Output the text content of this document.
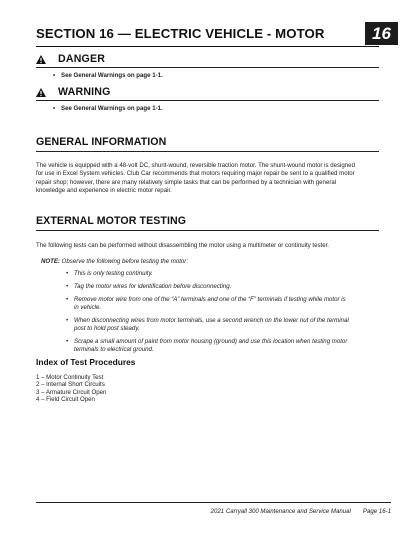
SECTION 16 — ELECTRIC VEHICLE - MOTOR	16
DANGER
• See General Warnings on page 1-1.
WARNING
• See General Warnings on page 1-1.
GENERAL INFORMATION
The vehicle is equipped with a 48-volt DC, shunt-wound, reversible traction motor. The shunt-wound motor is designed
for use in Excel System vehicles. Club Car recommends that motors requiring major repair be sent to a qualified motor
repair shop; however, there are many relatively simple tasks that can be performed by a technician with general
knowledge and experience in electric motor repair.
EXTERNAL MOTOR TESTING
The following tests can be performed without disassembling the motor using a multimeter or continuity tester.
NOTE: Observe the following before testing the motor:
• This is only testing continuity.
• Tag the motor wires for identification before disconnecting.
• Remove motor wire from one of the “A” terminals and one of the “F” terminals if testing while motor is
in vehicle.
• When disconnecting wires from motor terminals, use a second wrench on the lower nut of the terminal
post to hold post steady.
• Scrape a small amount of paint from motor housing (ground) and use this location when testing motor
terminals to electrical ground.
Index of Test Procedures
1 – Motor Continuity Test
2 – Internal Short Circuits
3 – Armature Circuit Open
4 – Field Circuit Open
2021 Carryall 300 Maintenance and Service Manual Page 16-1
